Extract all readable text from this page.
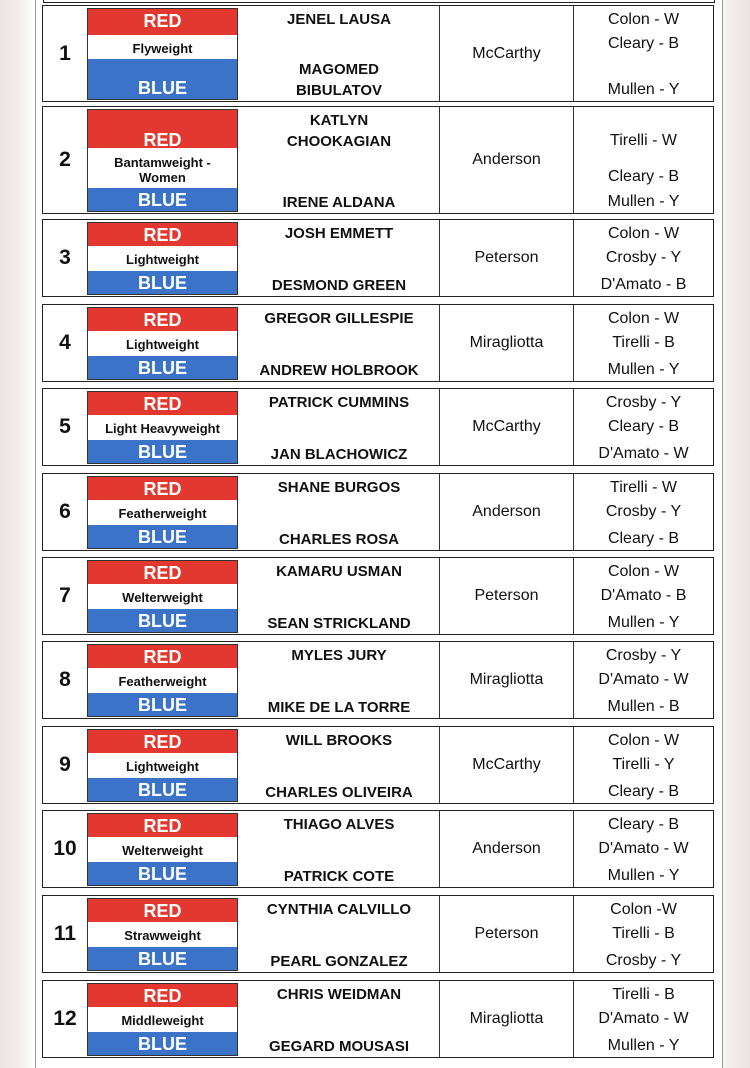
1
RED
Flyweight
BLUE
JENEL LAUSA
MAGOMED
BIBULATOV
McCarthy
Colon - W
Cleary - B
Mullen - Y
2
RED
Bantamweight -
Women
BLUE
KATLYN
CHOOKAGIAN
IRENE ALDANA
Anderson
Tirelli - W
Cleary - B
Mullen - Y
3
RED
Lightweight
BLUE
JOSH EMMETT
DESMOND GREEN
Peterson
Colon - W
Crosby - Y
D'Amato - B
4
RED
Lightweight
BLUE
GREGOR GILLESPIE
ANDREW HOLBROOK
Miragliotta
Colon - W
Tirelli - B
Mullen - Y
5
RED
Light Heavyweight
BLUE
PATRICK CUMMINS
JAN BLACHOWICZ
McCarthy
Crosby - Y
Cleary - B
D'Amato - W
6
RED
Featherweight
BLUE
SHANE BURGOS
CHARLES ROSA
Anderson
Tirelli - W
Crosby - Y
Cleary - B
7
RED
Welterweight
BLUE
KAMARU USMAN
SEAN STRICKLAND
Peterson
Colon - W
D'Amato - B
Mullen - Y
8
RED
Featherweight
BLUE
MYLES JURY
MIKE DE LA TORRE
Miragliotta
Crosby - Y
D'Amato - W
Mullen - B
9
RED
Lightweight
BLUE
WILL BROOKS
CHARLES OLIVEIRA
McCarthy
Colon - W
Tirelli - Y
Cleary - B
10
RED
Welterweight
BLUE
THIAGO ALVES
PATRICK COTE
Anderson
Cleary - B
D'Amato - W
Mullen - Y
11
RED
Strawweight
BLUE
CYNTHIA CALVILLO
PEARL GONZALEZ
Peterson
Colon -W
Tirelli - B
Crosby - Y
12
RED
Middleweight
BLUE
CHRIS WEIDMAN
GEGARD MOUSASI
Miragliotta
Tirelli - B
D'Amato - W
Mullen - Y
